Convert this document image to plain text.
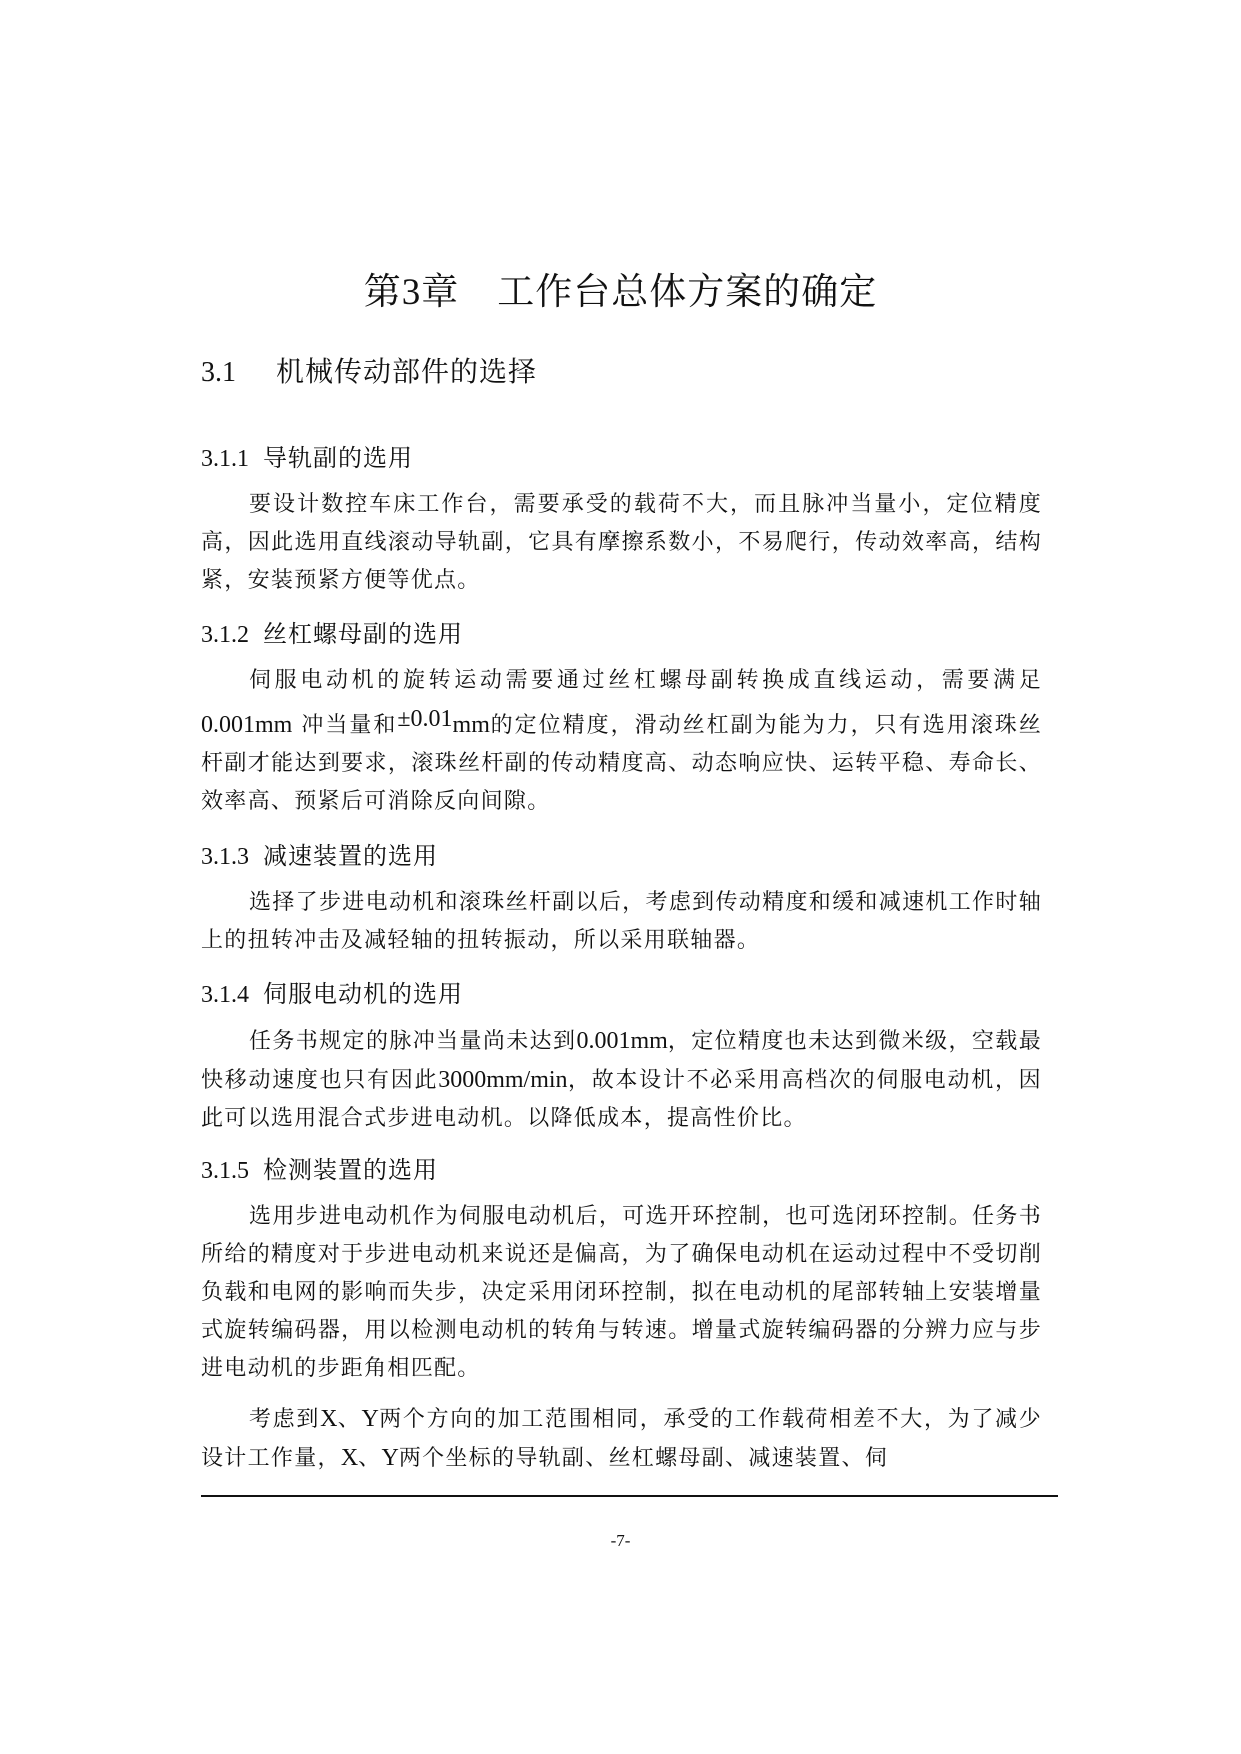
第3章 工作台总体方案的确定
3.1 机械传动部件的选择
3.1.1 导轨副的选用

要设计数控车床工作台，需要承受的载荷不大，而且脉冲当量小，定位精度高，因此选用直线滚动导轨副，它具有摩擦系数小，不易爬行，传动效率高，结构紧，安装预紧方便等优点。

3.1.2 丝杠螺母副的选用

伺服电动机的旋转运动需要通过丝杠螺母副转换成直线运动，需要满足0.001mm 冲当量和±0.01mm的定位精度，滑动丝杠副为能为力，只有选用滚珠丝杆副才能达到要求，滚珠丝杆副的传动精度高、动态响应快、运转平稳、寿命长、效率高、预紧后可消除反向间隙。

3.1.3 减速装置的选用

选择了步进电动机和滚珠丝杆副以后，考虑到传动精度和缓和减速机工作时轴上的扭转冲击及减轻轴的扭转振动，所以采用联轴器。

3.1.4 伺服电动机的选用

任务书规定的脉冲当量尚未达到0.001mm，定位精度也未达到微米级，空载最快移动速度也只有因此3000mm/min，故本设计不必采用高档次的伺服电动机，因此可以选用混合式步进电动机。以降低成本，提高性价比。

3.1.5 检测装置的选用

选用步进电动机作为伺服电动机后，可选开环控制，也可选闭环控制。任务书所给的精度对于步进电动机来说还是偏高，为了确保电动机在运动过程中不受切削负载和电网的影响而失步，决定采用闭环控制，拟在电动机的尾部转轴上安装增量式旋转编码器，用以检测电动机的转角与转速。增量式旋转编码器的分辨力应与步进电动机的步距角相匹配。

考虑到X、Y两个方向的加工范围相同，承受的工作载荷相差不大，为了减少设计工作量，X、Y两个坐标的导轨副、丝杠螺母副、减速装置、伺

-7-
